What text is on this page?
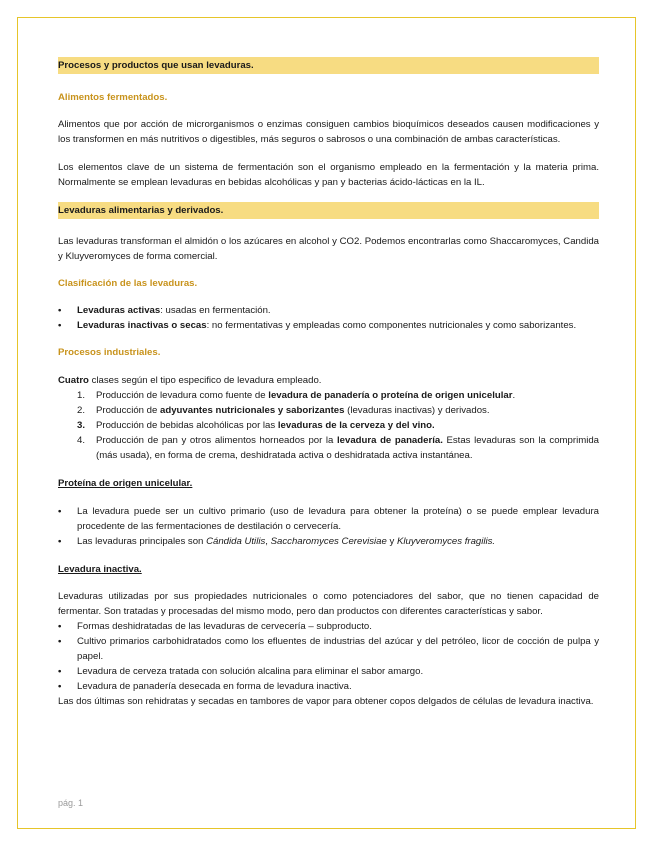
Procesos y productos que usan levaduras.

Alimentos fermentados.

Alimentos que por acción de microrganismos o enzimas consiguen cambios bioquímicos deseados causen modificaciones y los transformen en más nutritivos o digestibles, más seguros o sabrosos o una combinación de ambas características.

Los elementos clave de un sistema de fermentación son el organismo empleado en la fermentación y la materia prima. Normalmente se emplean levaduras en bebidas alcohólicas y pan y bacterias ácido-lácticas en la IL.

Levaduras alimentarias y derivados.

Las levaduras transforman el almidón o los azúcares en alcohol y CO2. Podemos encontrarlas como Shaccaromyces, Candida y Kluyveromyces de forma comercial.

Clasificación de las levaduras.

• Levaduras activas: usadas en fermentación.
• Levaduras inactivas o secas: no fermentativas y empleadas como componentes nutricionales y como saborizantes.

Procesos industriales.

Cuatro clases según el tipo especifico de levadura empleado.

1. Producción de levadura como fuente de levadura de panadería o proteína de origen unicelular.
2. Producción de adyuvantes nutricionales y saborizantes (levaduras inactivas) y derivados.
3. Producción de bebidas alcohólicas por las levaduras de la cerveza y del vino.
4. Producción de pan y otros alimentos horneados por la levadura de panadería. Estas levaduras son la comprimida (más usada), en forma de crema, deshidratada activa o deshidratada activa instantánea.

Proteína de origen unicelular.

• La levadura puede ser un cultivo primario (uso de levadura para obtener la proteína) o se puede emplear levadura procedente de las fermentaciones de destilación o cervecería.
• Las levaduras principales son Cándida Utilis, Saccharomyces Cerevisiae y Kluyveromyces fragilis.

Levadura inactiva.

Levaduras utilizadas por sus propiedades nutricionales o como potenciadores del sabor, que no tienen capacidad de fermentar. Son tratadas y procesadas del mismo modo, pero dan productos con diferentes características y sabor.

• Formas deshidratadas de las levaduras de cervecería – subproducto.
• Cultivo primarios carbohidratados como los efluentes de industrias del azúcar y del petróleo, licor de cocción de pulpa y papel.
• Levadura de cerveza tratada con solución alcalina para eliminar el sabor amargo.
• Levadura de panadería desecada en forma de levadura inactiva.

Las dos últimas son rehidratas y secadas en tambores de vapor para obtener copos delgados de células de levadura inactiva.

pág. 1
